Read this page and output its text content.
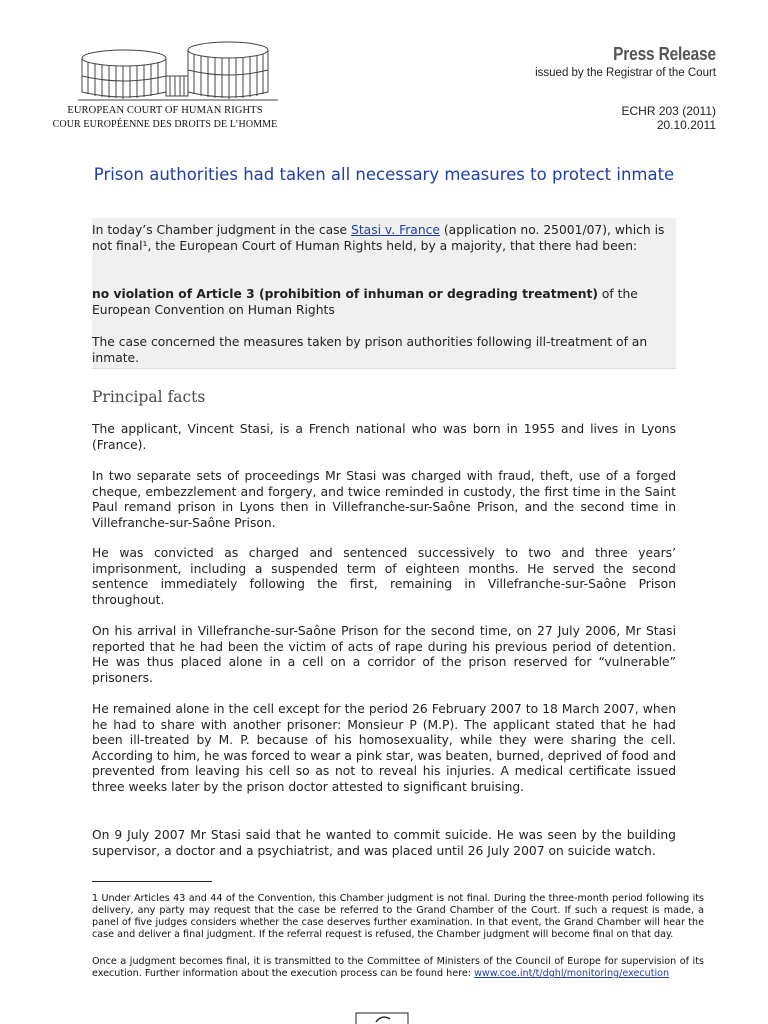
EUROPEAN COURT OF HUMAN RIGHTS
COUR EUROPÉENNE DES DROITS DE L’HOMME
Press Release
issued by the Registrar of the Court
ECHR 203 (2011)
20.10.2011
Prison authorities had taken all necessary measures to protect inmate

In today’s Chamber judgment in the case Stasi v. France (application no. 25001/07), which is not final¹, the European Court of Human Rights held, by a majority, that there had been:

no violation of Article 3 (prohibition of inhuman or degrading treatment) of the European Convention on Human Rights

The case concerned the measures taken by prison authorities following ill-treatment of an inmate.

Principal facts

The applicant, Vincent Stasi, is a French national who was born in 1955 and lives in Lyons (France).

In two separate sets of proceedings Mr Stasi was charged with fraud, theft, use of a forged cheque, embezzlement and forgery, and twice reminded in custody, the first time in the Saint Paul remand prison in Lyons then in Villefranche-sur-Saône Prison, and the second time in Villefranche-sur-Saône Prison.

He was convicted as charged and sentenced successively to two and three years’ imprisonment, including a suspended term of eighteen months. He served the second sentence immediately following the first, remaining in Villefranche-sur-Saône Prison throughout.

On his arrival in Villefranche-sur-Saône Prison for the second time, on 27 July 2006, Mr Stasi reported that he had been the victim of acts of rape during his previous period of detention. He was thus placed alone in a cell on a corridor of the prison reserved for “vulnerable” prisoners.

He remained alone in the cell except for the period 26 February 2007 to 18 March 2007, when he had to share with another prisoner: Monsieur P (M.P). The applicant stated that he had been ill-treated by M. P. because of his homosexuality, while they were sharing the cell. According to him, he was forced to wear a pink star, was beaten, burned, deprived of food and prevented from leaving his cell so as not to reveal his injuries. A medical certificate issued three weeks later by the prison doctor attested to significant bruising.

On 9 July 2007 Mr Stasi said that he wanted to commit suicide. He was seen by the building supervisor, a doctor and a psychiatrist, and was placed until 26 July 2007 on suicide watch.

1 Under Articles 43 and 44 of the Convention, this Chamber judgment is not final. During the three-month period following its delivery, any party may request that the case be referred to the Grand Chamber of the Court. If such a request is made, a panel of five judges considers whether the case deserves further examination. In that event, the Grand Chamber will hear the case and deliver a final judgment. If the referral request is refused, the Chamber judgment will become final on that day.

Once a judgment becomes final, it is transmitted to the Committee of Ministers of the Council of Europe for supervision of its execution. Further information about the execution process can be found here: www.coe.int/t/dghl/monitoring/execution
